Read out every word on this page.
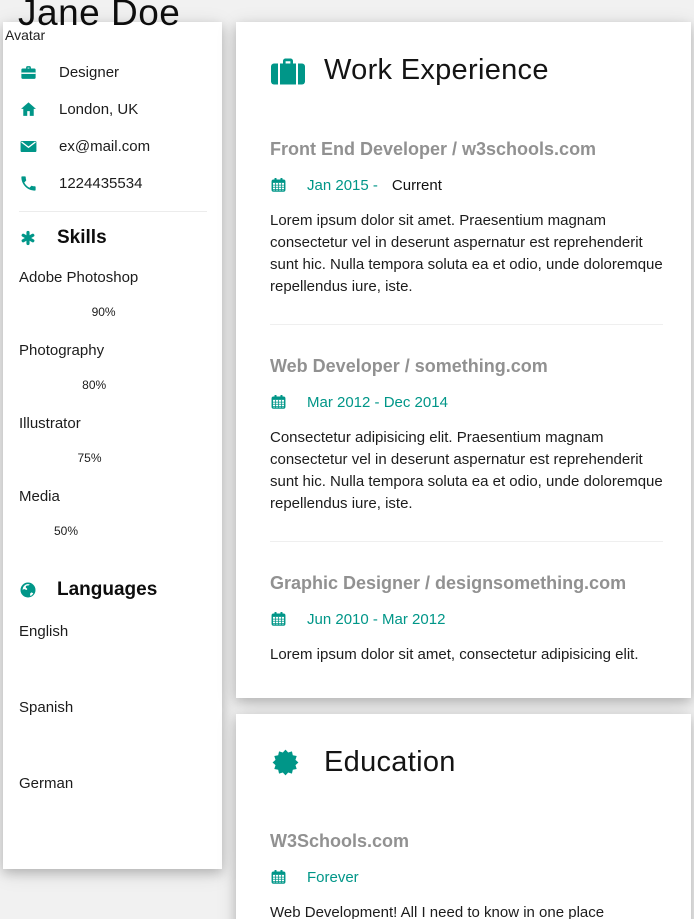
Jane Doe
Avatar
Designer
London, UK
ex@mail.com
1224435534
Skills
Adobe Photoshop
90%
Photography
80%
Illustrator
75%
Media
50%
Languages
English
Spanish
German
Work Experience
Front End Developer / w3schools.com
Jan 2015 - Current

Lorem ipsum dolor sit amet. Praesentium magnam consectetur vel in deserunt aspernatur est reprehenderit sunt hic. Nulla tempora soluta ea et odio, unde doloremque repellendus iure, iste.

Web Developer / something.com
Mar 2012 - Dec 2014

Consectetur adipisicing elit. Praesentium magnam consectetur vel in deserunt aspernatur est reprehenderit sunt hic. Nulla tempora soluta ea et odio, unde doloremque repellendus iure, iste.

Graphic Designer / designsomething.com
Jun 2010 - Mar 2012

Lorem ipsum dolor sit amet, consectetur adipisicing elit.

Education
W3Schools.com
Forever

Web Development! All I need to know in one place
